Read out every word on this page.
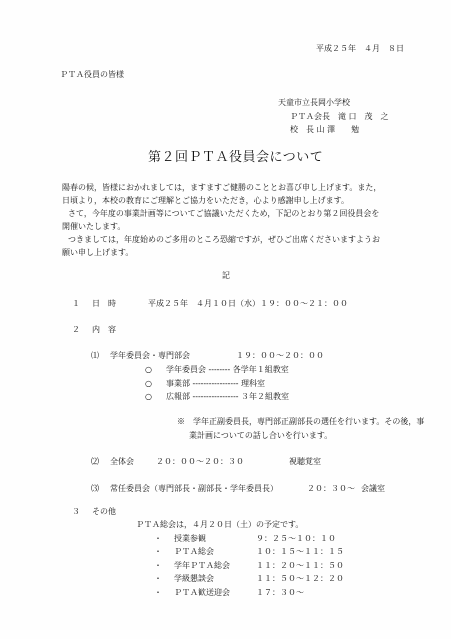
平成２５年　４月　８日
ＰＴＡ役員の皆様
天童市立長岡小学校
ＰＴＡ会長　滝 口　茂　之
校　長 山 澤　　勉
第２回ＰＴＡ役員会について

陽春の候，皆様におかれましては，ますますご健勝のこととお喜び申し上げます。また，

日頃より，本校の教育にご理解とご協力をいただき，心より感謝申し上げます。

さて，今年度の事業計画等についてご協議いただくため，下記のとおり第２回役員会を

開催いたします。

つきましては，年度始めのご多用のところ恐縮ですが，ぜひご出席くださいますようお

願い申し上げます。

記
１ 日　時	平成２５年　４月１０日（水）１９：００～２１：００
２ 内　容
⑴ 学年委員会・専門部会	１９：００～２０：００
○ 学年委員会 -------- 各学年１組教室
○ 事業部 ----------------- 理科室
○ 広報部 ----------------- ３年２組教室
※　学年正副委員長，専門部正副部長の選任を行います。その後，事
業計画についての話し合いを行います。
⑵ 全体会	２０：００～２０：３０	視聴覚室
⑶ 常任委員会（専門部長・副部長・学年委員長）	２０：３０～ 会議室
３ その他
ＰＴＡ総会は，４月２０日（土）の予定です。
・	授業参観	９：２５～１０：１０
・	ＰＴＡ総会	１０：１５～１１：１５
・	学年ＰＴＡ総会	１１：２０～１１：５０
・	学級懇談会	１１：５０～１２：２０
・	ＰＴＡ歓送迎会	１７：３０～
